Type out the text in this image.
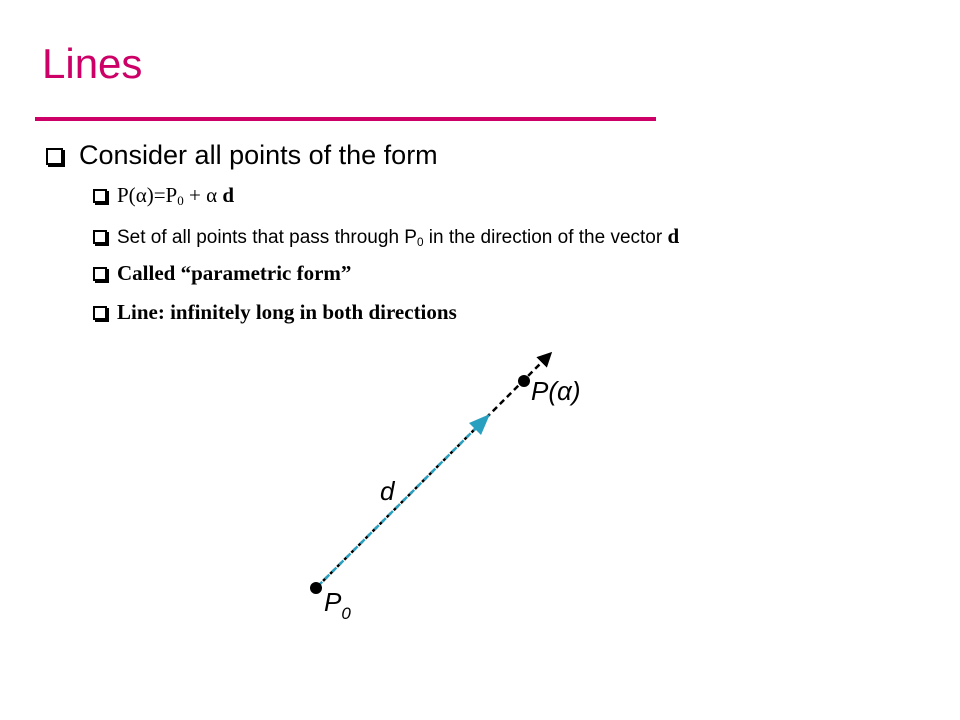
Lines
Consider all points of the form
$P(\alpha)=P_0 + \alpha$ d
Set of all points that pass through $P_0$ in the direction of the vector d
Called “parametric form”
Line: infinitely long in both directions
d
$P_0$
P(α)
